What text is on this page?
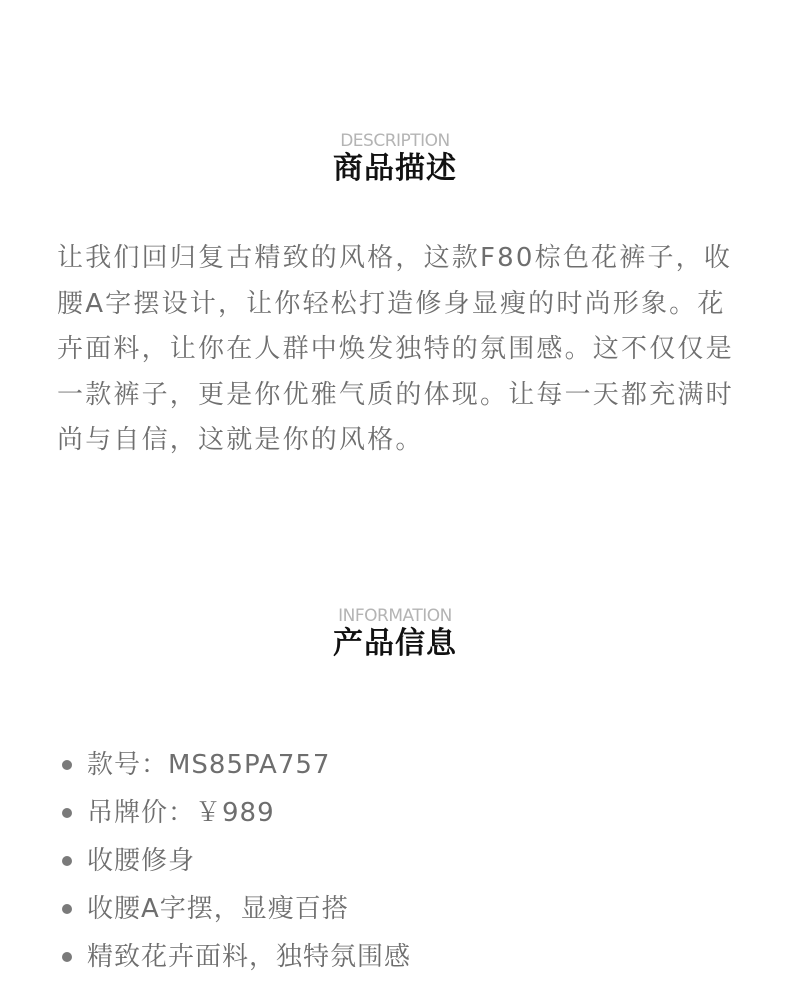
DESCRIPTION
商品描述

让我们回归复古精致的风格，这款F80棕色花裤子，收腰A字摆设计，让你轻松打造修身显瘦的时尚形象。花卉面料，让你在人群中焕发独特的氛围感。这不仅仅是一款裤子，更是你优雅气质的体现。让每一天都充满时尚与自信，这就是你的风格。

INFORMATION
产品信息
款号：MS85PA757
吊牌价：￥989
收腰修身
收腰A字摆，显瘦百搭
精致花卉面料，独特氛围感
